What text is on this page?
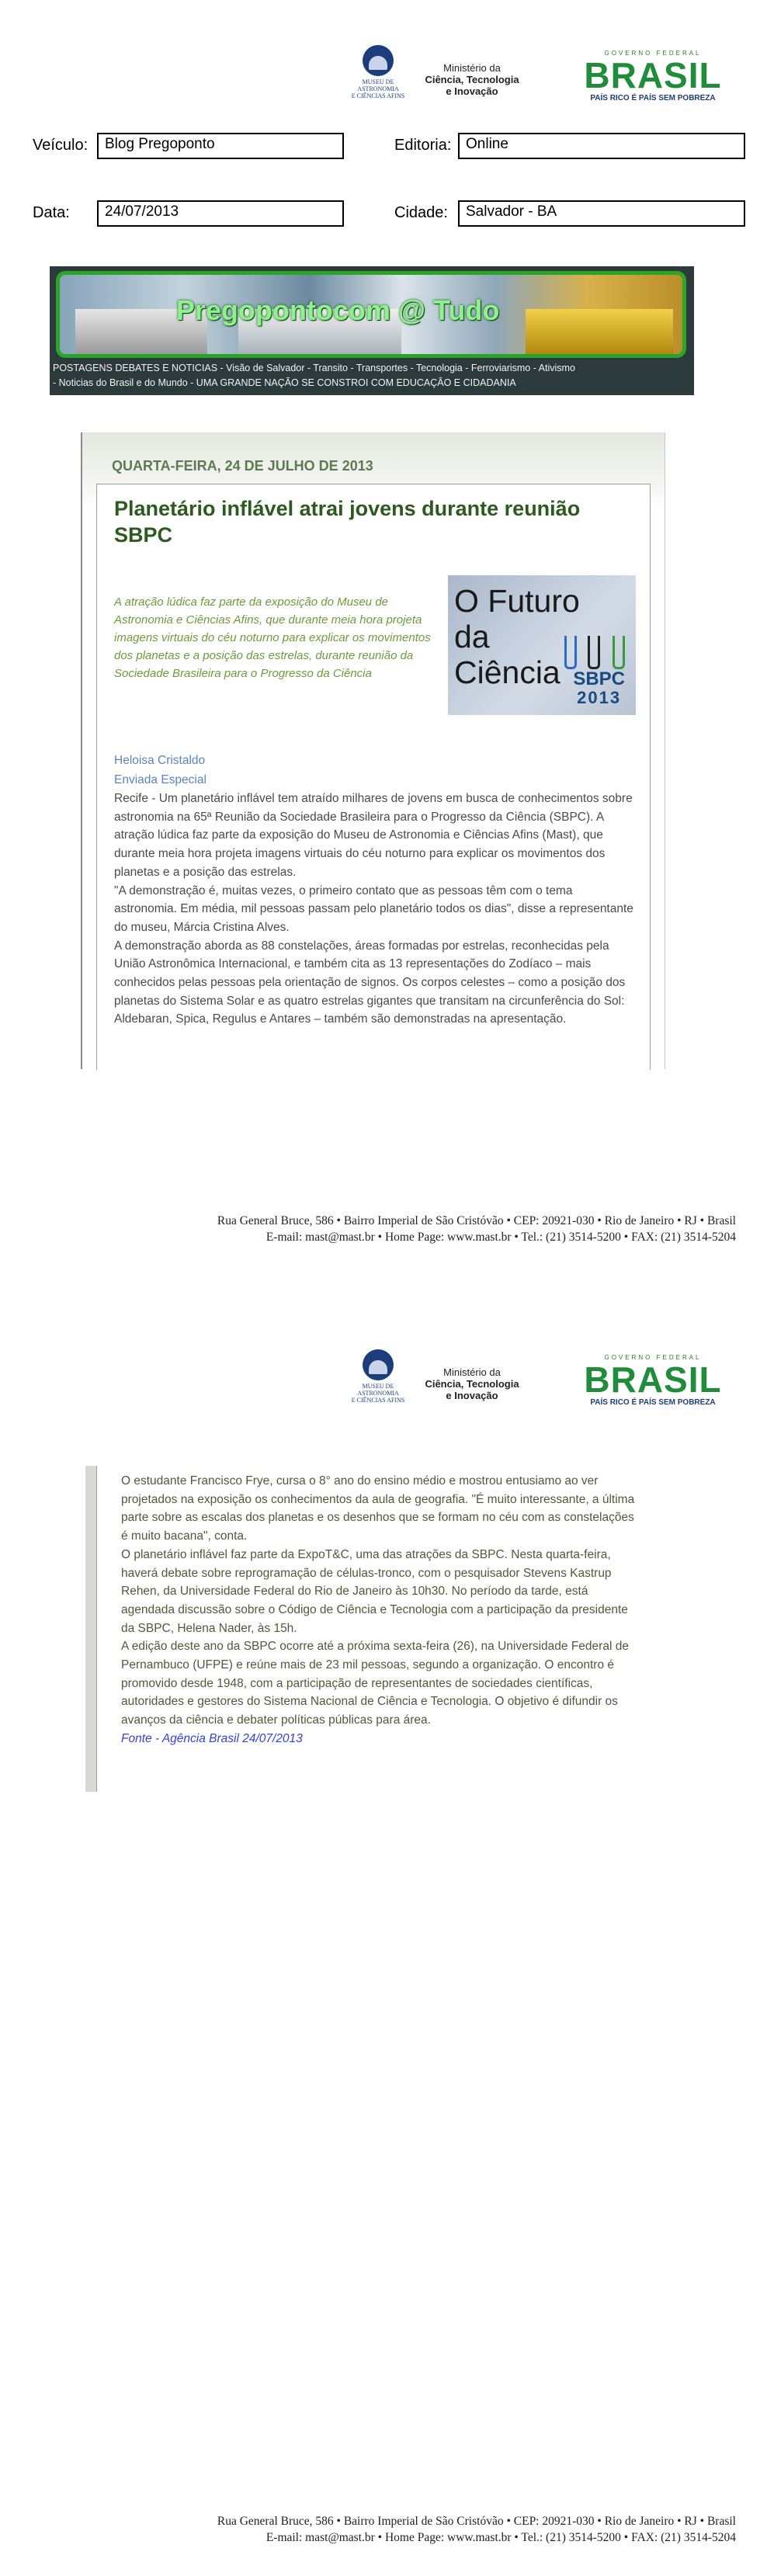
MUSEU DE ASTRONOMIA
E CIÊNCIAS AFINS
Ministério da
Ciência, Tecnologia
e Inovação
GOVERNO FEDERAL
BRASIL
PAÍS RICO É PAÍS SEM POBREZA
Veículo:	Blog Pregoponto	Editoria: Online
Data:	24/07/2013	Cidade:	Salvador - BA
Pregopontocom @ Tudo
POSTAGENS DEBATES E NOTICIAS - Visão de Salvador - Transito - Transportes - Tecnologia - Ferroviarismo - Ativismo
- Noticias do Brasil e do Mundo - UMA GRANDE NAÇÃO SE CONSTROI COM EDUCAÇÃO E CIDADANIA
QUARTA-FEIRA, 24 DE JULHO DE 2013
Planetário inflável atrai jovens durante reunião SBPC
A atração lúdica faz parte da exposição do Museu de Astronomia e Ciências Afins, que durante meia hora projeta imagens virtuais do céu noturno para explicar os movimentos dos planetas e a posição das estrelas, durante reunião da Sociedade Brasileira para o Progresso da Ciência
O Futuro
da
Ciência SBPC
2013
Heloisa Cristaldo
Enviada Especial

Recife - Um planetário inflável tem atraído milhares de jovens em busca de conhecimentos sobre astronomia na 65ª Reunião da Sociedade Brasileira para o Progresso da Ciência (SBPC). A atração lúdica faz parte da exposição do Museu de Astronomia e Ciências Afins (Mast), que durante meia hora projeta imagens virtuais do céu noturno para explicar os movimentos dos planetas e a posição das estrelas.

"A demonstração é, muitas vezes, o primeiro contato que as pessoas têm com o tema astronomia. Em média, mil pessoas passam pelo planetário todos os dias", disse a representante do museu, Márcia Cristina Alves.

A demonstração aborda as 88 constelações, áreas formadas por estrelas, reconhecidas pela União Astronômica Internacional, e também cita as 13 representações do Zodíaco – mais conhecidos pelas pessoas pela orientação de signos. Os corpos celestes – como a posição dos planetas do Sistema Solar e as quatro estrelas gigantes que transitam na circunferência do Sol: Aldebaran, Spica, Regulus e Antares – também são demonstradas na apresentação.

Rua General Bruce, 586 • Bairro Imperial de São Cristóvão • CEP: 20921-030 • Rio de Janeiro • RJ • Brasil
E-mail: mast@mast.br • Home Page: www.mast.br • Tel.: (21) 3514-5200 • FAX: (21) 3514-5204
MUSEU DE ASTRONOMIA
E CIÊNCIAS AFINS
Ministério da
Ciência, Tecnologia
e Inovação
GOVERNO FEDERAL
BRASIL
PAÍS RICO É PAÍS SEM POBREZA

O estudante Francisco Frye, cursa o 8° ano do ensino médio e mostrou entusiamo ao ver projetados na exposição os conhecimentos da aula de geografia. "É muito interessante, a última parte sobre as escalas dos planetas e os desenhos que se formam no céu com as constelações é muito bacana", conta.

O planetário inflável faz parte da ExpoT&C, uma das atrações da SBPC. Nesta quarta-feira, haverá debate sobre reprogramação de células-tronco, com o pesquisador Stevens Kastrup Rehen, da Universidade Federal do Rio de Janeiro às 10h30. No período da tarde, está agendada discussão sobre o Código de Ciência e Tecnologia com a participação da presidente da SBPC, Helena Nader, às 15h.

A edição deste ano da SBPC ocorre até a próxima sexta-feira (26), na Universidade Federal de Pernambuco (UFPE) e reúne mais de 23 mil pessoas, segundo a organização. O encontro é promovido desde 1948, com a participação de representantes de sociedades científicas, autoridades e gestores do Sistema Nacional de Ciência e Tecnologia. O objetivo é difundir os avanços da ciência e debater políticas públicas para área.

Fonte - Agência Brasil 24/07/2013

Rua General Bruce, 586 • Bairro Imperial de São Cristóvão • CEP: 20921-030 • Rio de Janeiro • RJ • Brasil
E-mail: mast@mast.br • Home Page: www.mast.br • Tel.: (21) 3514-5200 • FAX: (21) 3514-5204
